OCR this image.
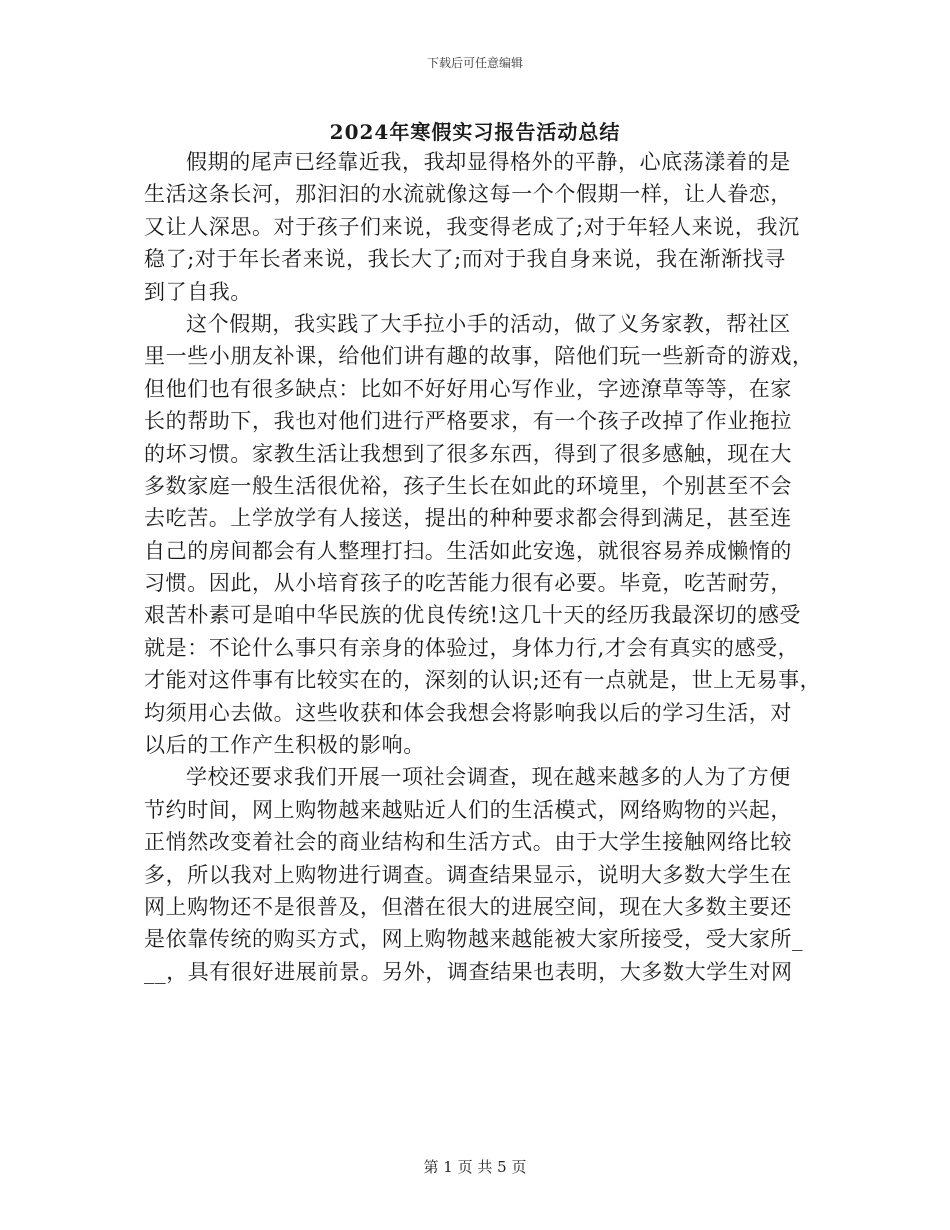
下载后可任意编辑
2024年寒假实习报告活动总结
假期的尾声已经靠近我，我却显得格外的平静，心底荡漾着的是
生活这条长河，那汩汩的水流就像这每一个个假期一样，让人眷恋，
又让人深思。对于孩子们来说，我变得老成了;对于年轻人来说，我沉
稳了;对于年长者来说，我长大了;而对于我自身来说，我在渐渐找寻
到了自我。
这个假期，我实践了大手拉小手的活动，做了义务家教，帮社区
里一些小朋友补课，给他们讲有趣的故事，陪他们玩一些新奇的游戏，
但他们也有很多缺点：比如不好好用心写作业，字迹潦草等等，在家
长的帮助下，我也对他们进行严格要求，有一个孩子改掉了作业拖拉
的坏习惯。家教生活让我想到了很多东西，得到了很多感触，现在大
多数家庭一般生活很优裕，孩子生长在如此的环境里，个别甚至不会
去吃苦。上学放学有人接送，提出的种种要求都会得到满足，甚至连
自己的房间都会有人整理打扫。生活如此安逸，就很容易养成懒惰的
习惯。因此，从小培育孩子的吃苦能力很有必要。毕竟，吃苦耐劳，
艰苦朴素可是咱中华民族的优良传统!这几十天的经历我最深切的感受
就是：不论什么事只有亲身的体验过，身体力行,才会有真实的感受，
才能对这件事有比较实在的，深刻的认识;还有一点就是，世上无易事，
均须用心去做。这些收获和体会我想会将影响我以后的学习生活，对
以后的工作产生积极的影响。
学校还要求我们开展一项社会调查，现在越来越多的人为了方便
节约时间，网上购物越来越贴近人们的生活模式，网络购物的兴起，
正悄然改变着社会的商业结构和生活方式。由于大学生接触网络比较
多，所以我对上购物进行调查。调查结果显示，说明大多数大学生在
网上购物还不是很普及，但潜在很大的进展空间，现在大多数主要还
是依靠传统的购买方式，网上购物越来越能被大家所接受，受大家所_
__，具有很好进展前景。另外，调查结果也表明，大多数大学生对网
第 1 页 共 5 页
